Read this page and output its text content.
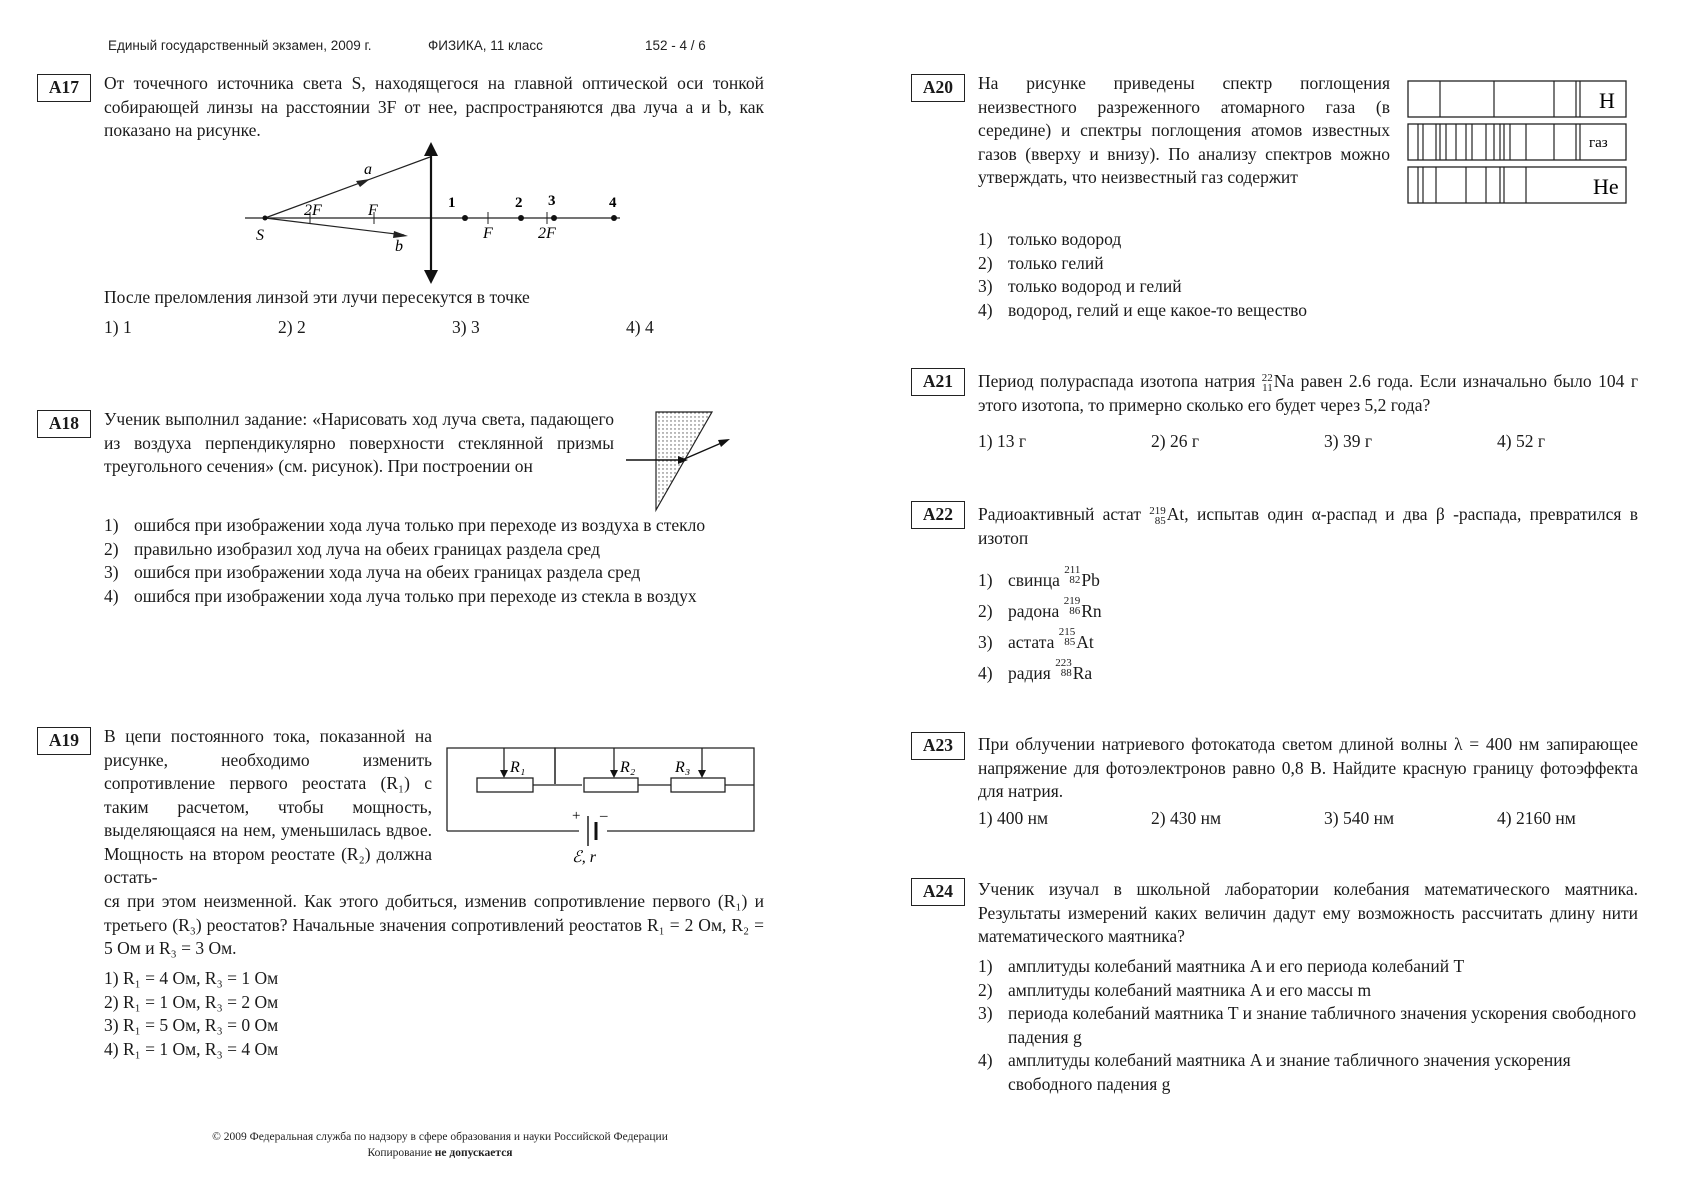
Единый государственный экзамен, 2009 г.	ФИЗИКА, 11 класс	152 - 4 / 6
A17	От точечного источника света S, находящегося на главной оптической оси тонкой собирающей линзы на расстоянии 3F от нее, распространяются два луча a и b, как показано на рисунке.
S
a
b
2F	F
F	2F
1	2 3	4
После преломления линзой эти лучи пересекутся в точке
1) 1	2) 2	3) 3	4) 4
A18	Ученик выполнил задание: «Нарисовать ход луча света, падающего из воздуха перпендикулярно поверхности стеклянной призмы треугольного сечения» (см. рисунок). При построении он
1) ошибся при изображении хода луча только при переходе из воздуха в стекло
2) правильно изобразил ход луча на обеих границах раздела сред
3) ошибся при изображении хода луча на обеих границах раздела сред
4) ошибся при изображении хода луча только при переходе из стекла в воздух
A19	В цепи постоянного тока, показанной на рисунке, необходимо изменить сопротивление первого реостата (R₁) с таким расчетом, чтобы мощность, выделяющаяся на нем, уменьшилась вдвое. Мощность на втором реостате (R₂) должна остать-
+ –
ℰ, r
R₁	R₂ R₃
ся при этом неизменной. Как этого добиться, изменив сопротивление первого (R₁) и третьего (R₃) реостатов? Начальные значения сопротивлений реостатов R₁ = 2 Ом, R₂ = 5 Ом и R₃ = 3 Ом.
1) R₁ = 4 Ом, R₃ = 1 Ом
2) R₁ = 1 Ом, R₃ = 2 Ом
3) R₁ = 5 Ом, R₃ = 0 Ом
4) R₁ = 1 Ом, R₃ = 4 Ом
A20	На рисунке приведены спектр поглощения неизвестного разреженного атомарного газа (в середине) и спектры поглощения атомов известных газов (вверху и внизу). По анализу спектров можно утверждать, что неизвестный газ содержит
H
газ
He
1) только водород
2) только гелий
3) только водород и гелий
4) водород, гелий и еще какое-то вещество
A21	Период полураспада изотопа натрия 22
11 Na равен 2.6 года. Если изначально было 104 г этого изотопа, то примерно сколько его будет через 5,2 года?
1) 13 г	2) 26 г	3) 39 г	4) 52 г
A22	Радиоактивный астат 219
85 At, испытав один α-распад и два β -распада, превратился в изотоп
1) свинца
211
82 Pb
2) радона
219
86 Rn
3) астата
215
85 At
4) радия
223
88 Ra
A23	При облучении натриевого фотокатода светом длиной волны λ = 400 нм запирающее напряжение для фотоэлектронов равно 0,8 В. Найдите красную границу фотоэффекта для натрия.
1) 400 нм	2) 430 нм	3) 540 нм	4) 2160 нм
A24	Ученик изучал в школьной лаборатории колебания математического маятника. Результаты измерений каких величин дадут ему возможность рассчитать длину нити математического маятника?
1) амплитуды колебаний маятника A и его периода колебаний T
2) амплитуды колебаний маятника A и его массы m
3) периода колебаний маятника T и знание табличного значения ускорения свободного падения g
4) амплитуды колебаний маятника A и знание табличного значения ускорения свободного падения g
© 2009 Федеральная служба по надзору в сфере образования и науки Российской Федерации
Копирование не допускается
